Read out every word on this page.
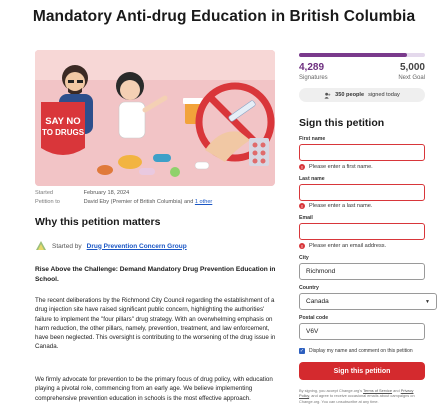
Mandatory Anti-drug Education in British Columbia
SAY NO
TO DRUGS
Started	February 18, 2024
Petition to	David Eby (Premier of British Columbia) and 1 other
Why this petition matters
Started by Drug Prevention Concern Group
Rise Above the Challenge: Demand Mandatory Drug Prevention Education in School.
The recent deliberations by the Richmond City Council regarding the establishment of a drug injection site have raised significant public concern, highlighting the authorities' failure to implement the "four pillars" drug strategy. With an overwhelming emphasis on harm reduction, the other pillars, namely, prevention, treatment, and law enforcement, have been neglected. This oversight is contributing to the worsening of the drug issue in Canada.
We firmly advocate for prevention to be the primary focus of drug policy, with education playing a pivotal role, commencing from an early age. We believe implementing comprehensive prevention education in schools is the most effective approach.
4,289	5,000
Signatures	Next Goal
350 people signed today
Sign this petition
First name
!	Please enter a first name.
Last name
!	Please enter a last name.
Email
!	Please enter an email address.
City
Richmond
Country
Canada	▼
Postal code
V6V
✓ Display my name and comment on this petition
Sign this petition
By signing, you accept Change.org's Terms of Service and Privacy Policy, and agree to receive occasional emails about campaigns on Change.org. You can unsubscribe at any time.
